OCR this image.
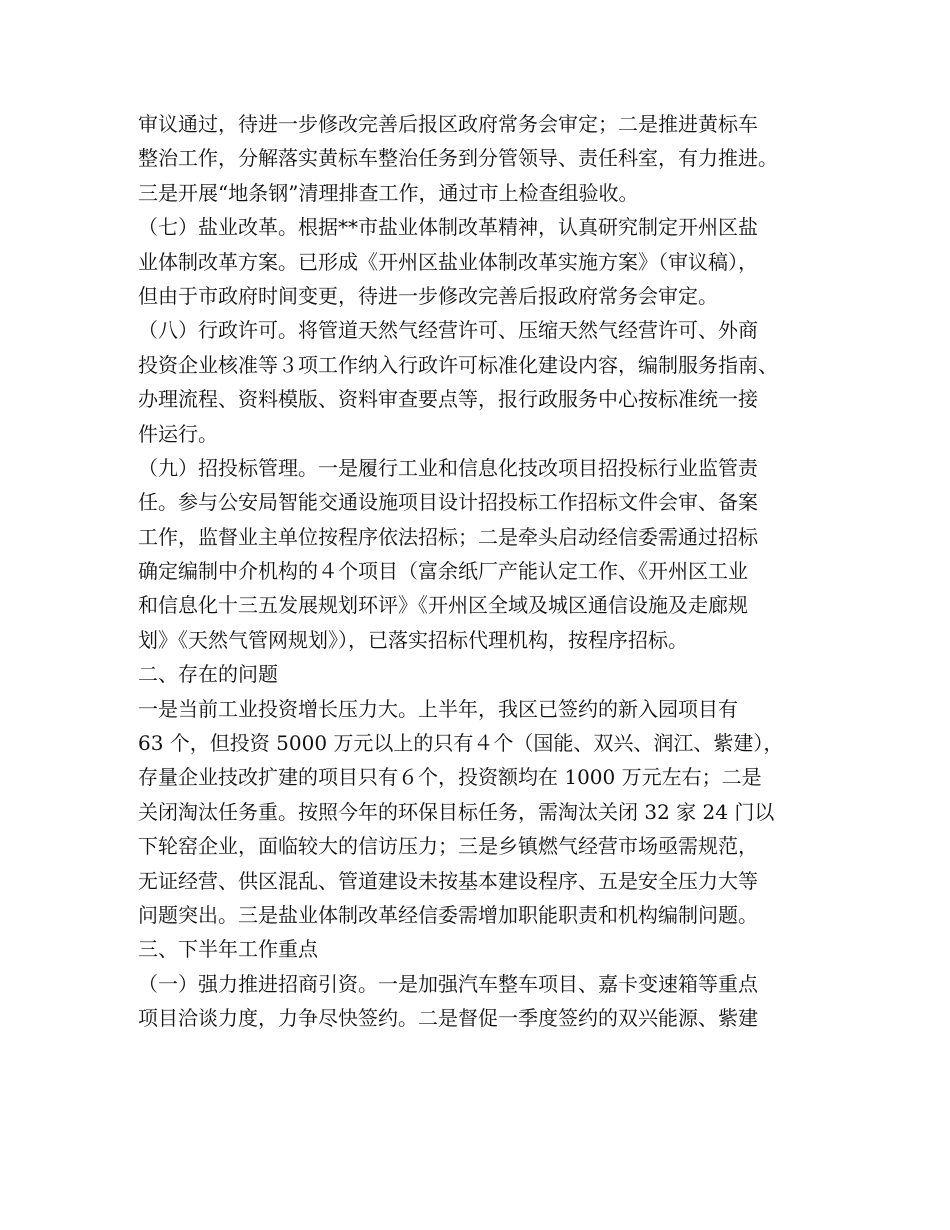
审议通过，待进一步修改完善后报区政府常务会审定；二是推进黄标车
整治工作，分解落实黄标车整治任务到分管领导、责任科室，有力推进。
三是开展“地条钢”清理排查工作，通过市上检查组验收。
（七）盐业改革。根据**市盐业体制改革精神，认真研究制定开州区盐
业体制改革方案。已形成《开州区盐业体制改革实施方案》（审议稿），
但由于市政府时间变更，待进一步修改完善后报政府常务会审定。
（八）行政许可。将管道天然气经营许可、压缩天然气经营许可、外商
投资企业核准等３项工作纳入行政许可标准化建设内容，编制服务指南、
办理流程、资料模版、资料审查要点等，报行政服务中心按标准统一接
件运行。
（九）招投标管理。一是履行工业和信息化技改项目招投标行业监管责
任。参与公安局智能交通设施项目设计招投标工作招标文件会审、备案
工作，监督业主单位按程序依法招标；二是牵头启动经信委需通过招标
确定编制中介机构的４个项目（富余纸厂产能认定工作、《开州区工业
和信息化十三五发展规划环评》《开州区全域及城区通信设施及走廊规
划》《天然气管网规划》），已落实招标代理机构，按程序招标。
二、存在的问题
一是当前工业投资增长压力大。上半年，我区已签约的新入园项目有
63 个，但投资 5000 万元以上的只有４个（国能、双兴、润江、紫建），
存量企业技改扩建的项目只有６个，投资额均在 1000 万元左右；二是
关闭淘汰任务重。按照今年的环保目标任务，需淘汰关闭 32 家 24 门以
下轮窑企业，面临较大的信访压力；三是乡镇燃气经营市场亟需规范，
无证经营、供区混乱、管道建设未按基本建设程序、五是安全压力大等
问题突出。三是盐业体制改革经信委需增加职能职责和机构编制问题。
三、下半年工作重点
（一）强力推进招商引资。一是加强汽车整车项目、嘉卡变速箱等重点
项目洽谈力度，力争尽快签约。二是督促一季度签约的双兴能源、紫建
